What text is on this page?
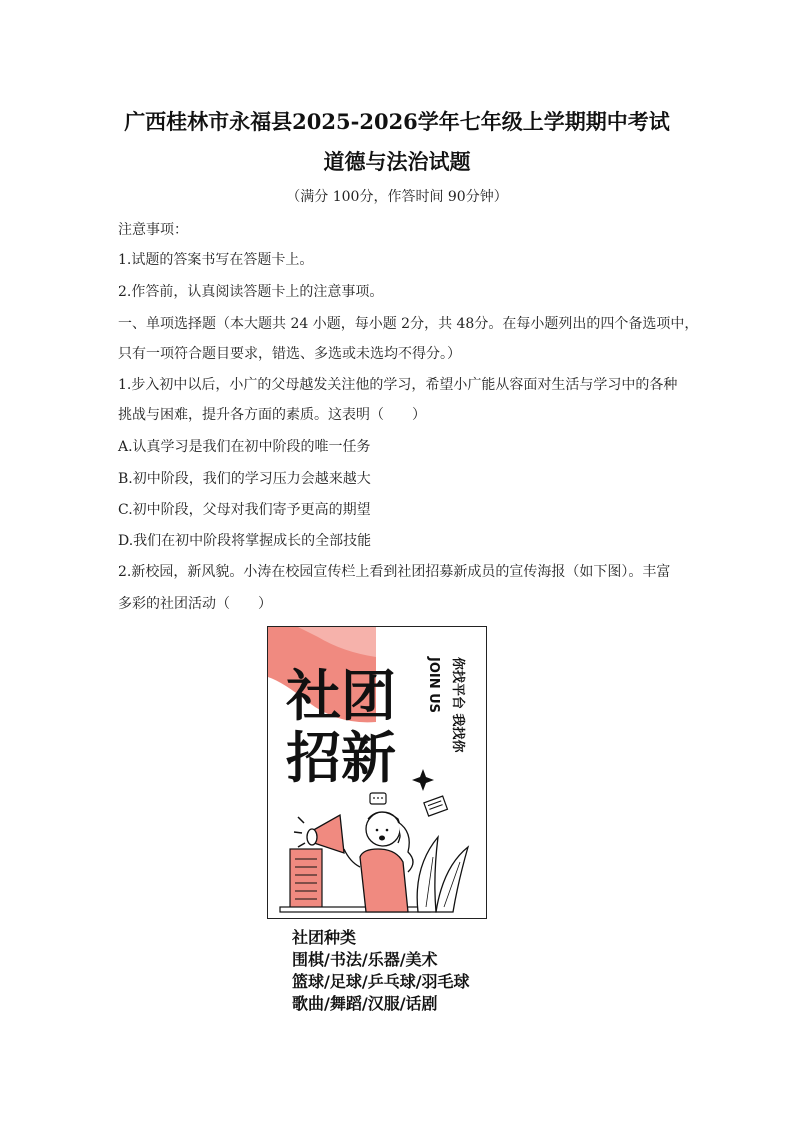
广西桂林市永福县2025-2026学年七年级上学期期中考试
道德与法治试题
（满分 100分，作答时间 90分钟）
注意事项：
1.试题的答案书写在答题卡上。
2.作答前，认真阅读答题卡上的注意事项。
一、单项选择题（本大题共 24 小题，每小题 2分，共 48分。在每小题列出的四个备选项中，
只有一项符合题目要求，错选、多选或未选均不得分。）
1.步入初中以后，小广的父母越发关注他的学习，希望小广能从容面对生活与学习中的各种
挑战与困难，提升各方面的素质。这表明（　　）
A.认真学习是我们在初中阶段的唯一任务
B.初中阶段，我们的学习压力会越来越大
C.初中阶段，父母对我们寄予更高的期望
D.我们在初中阶段将掌握成长的全部技能
2.新校园，新风貌。小涛在校园宣传栏上看到社团招募新成员的宣传海报（如下图）。丰富
多彩的社团活动（　　）
社团
招新
你找平台 我找你
JOIN US
社团种类
围棋/书法/乐器/美术
篮球/足球/乒乓球/羽毛球
歌曲/舞蹈/汉服/话剧
